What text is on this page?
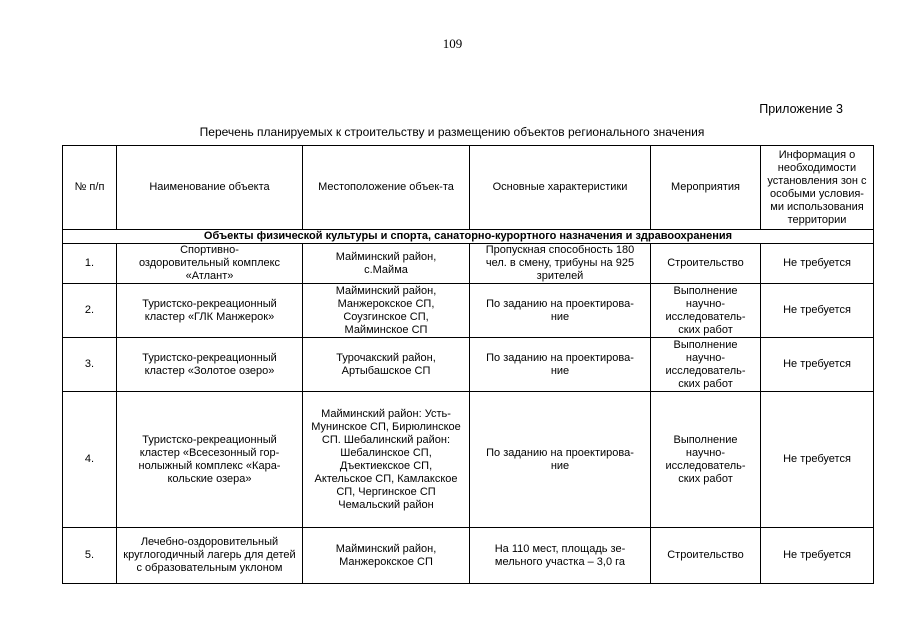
109
Приложение 3
Перечень планируемых к строительству и размещению объектов регионального значения
№ п/п	Наименование объекта	Местоположение объек-та	Основные характеристики	Мероприятия	Информация о необходимости установления зон с особыми условия-ми использования территории
Объекты физической культуры и спорта, санаторно-курортного назначения и здравоохранения					
1.	Спортивно-оздоровительный комплекс «Атлант»	Майминский район, с.Майма	Пропускная способность 180 чел. в смену, трибуны на 925 зрителей	Строительство	Не требуется
2.	Туристско-рекреационный кластер «ГЛК Манжерок»	Майминский район, Манжерокское СП, Соузгинское СП, Майминское СП	По заданию на проектирова-ние	Выполнение научно-исследователь-ских работ	Не требуется
3.	Туристско-рекреационный кластер «Золотое озеро»	Турочакский район, Артыбашское СП	По заданию на проектирова-ние	Выполнение научно-исследователь-ских работ	Не требуется
4.	Туристско-рекреационный кластер «Всесезонный гор-нолыжный комплекс «Кара-кольские озера»	Майминский район: Усть-Мунинское СП, Бирюлинское СП. Шебалинский район: Шебалинское СП, Дъектиекское СП, Актельское СП, Камлакское СП, Чергинское СП Чемальский район	По заданию на проектирова-ние	Выполнение научно-исследователь-ских работ	Не требуется
5.	Лечебно-оздоровительный круглогодичный лагерь для детей с образовательным уклоном	Майминский район, Манжерокское СП	На 110 мест, площадь зе-мельного участка – 3,0 га	Строительство	Не требуется
